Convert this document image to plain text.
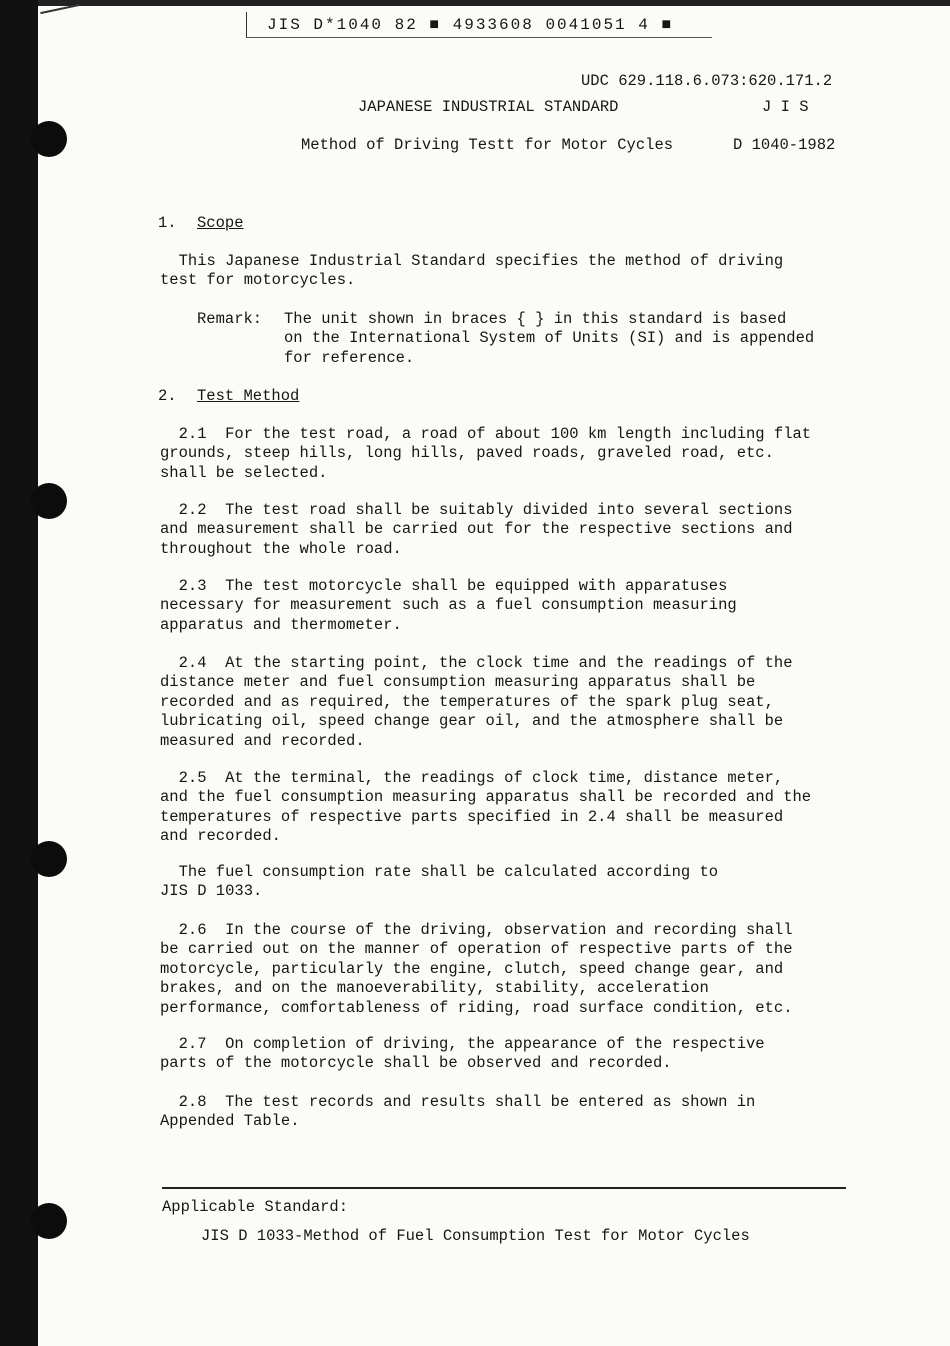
JIS D*1040 82 ■ 4933608 0041051 4 ■
UDC 629.118.6.073:620.171.2
JAPANESE INDUSTRIAL STANDARD	J I S
Method of Driving Testt for Motor Cycles	D 1040-1982
1. Scope
This Japanese Industrial Standard specifies the method of driving
test for motorcycles.
Remark: The unit shown in braces { } in this standard is based
on the International System of Units (SI) and is appended
for reference.
2. Test Method
2.1  For the test road, a road of about 100 km length including flat
grounds, steep hills, long hills, paved roads, graveled road, etc.
shall be selected.
2.2  The test road shall be suitably divided into several sections
and measurement shall be carried out for the respective sections and
throughout the whole road.
2.3  The test motorcycle shall be equipped with apparatuses
necessary for measurement such as a fuel consumption measuring
apparatus and thermometer.
2.4  At the starting point, the clock time and the readings of the
distance meter and fuel consumption measuring apparatus shall be
recorded and as required, the temperatures of the spark plug seat,
lubricating oil, speed change gear oil, and the atmosphere shall be
measured and recorded.
2.5  At the terminal, the readings of clock time, distance meter,
and the fuel consumption measuring apparatus shall be recorded and the
temperatures of respective parts specified in 2.4 shall be measured
and recorded.
The fuel consumption rate shall be calculated according to
JIS D 1033.
2.6  In the course of the driving, observation and recording shall
be carried out on the manner of operation of respective parts of the
motorcycle, particularly the engine, clutch, speed change gear, and
brakes, and on the manoeverability, stability, acceleration
performance, comfortableness of riding, road surface condition, etc.
2.7  On completion of driving, the appearance of the respective
parts of the motorcycle shall be observed and recorded.
2.8  The test records and results shall be entered as shown in
Appended Table.
Applicable Standard:
JIS D 1033-Method of Fuel Consumption Test for Motor Cycles
